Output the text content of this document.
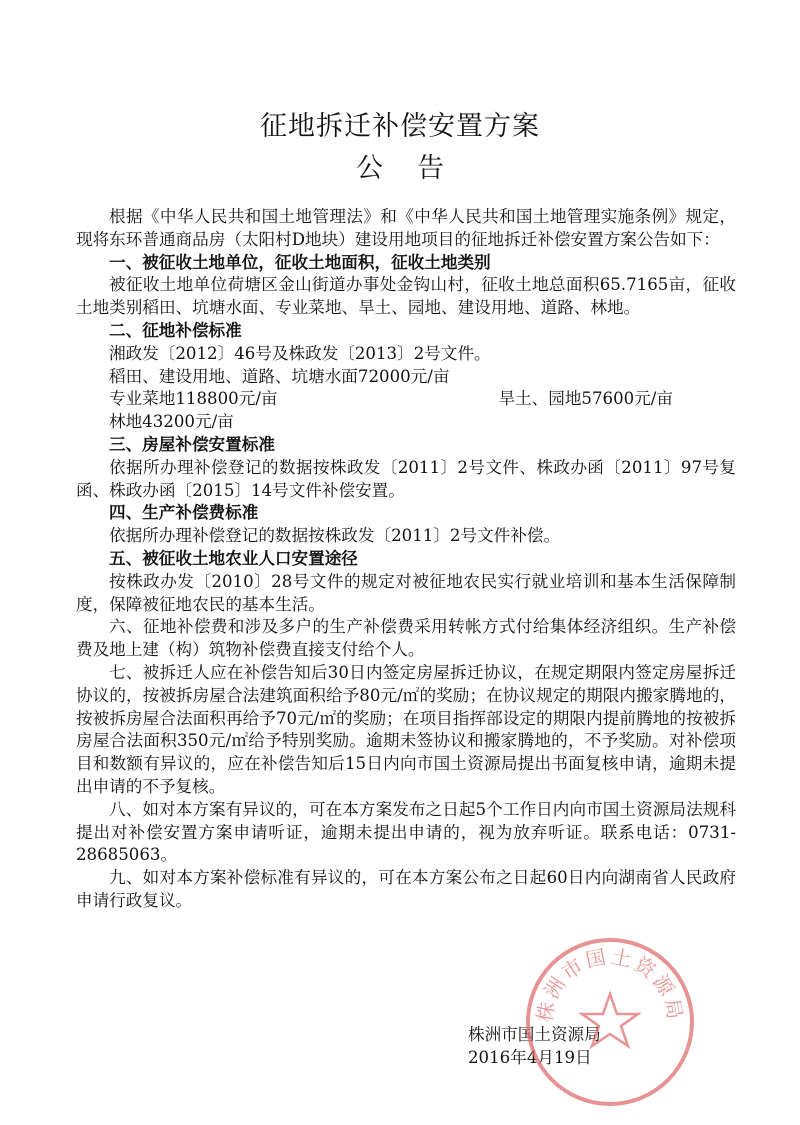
征地拆迁补偿安置方案
公告

根据《中华人民共和国土地管理法》和《中华人民共和国土地管理实施条例》规定，现将东环普通商品房（太阳村D地块）建设用地项目的征地拆迁补偿安置方案公告如下：

一、被征收土地单位，征收土地面积，征收土地类别

被征收土地单位荷塘区金山街道办事处金钩山村，征收土地总面积65.7165亩，征收土地类别稻田、坑塘水面、专业菜地、旱土、园地、建设用地、道路、林地。

二、征地补偿标准

湘政发〔2012〕46号及株政发〔2013〕2号文件。

稻田、建设用地、道路、坑塘水面72000元/亩

专业菜地118800元/亩	旱土、园地57600元/亩

林地43200元/亩

三、房屋补偿安置标准

依据所办理补偿登记的数据按株政发〔2011〕2号文件、株政办函〔2011〕97号复函、株政办函〔2015〕14号文件补偿安置。

四、生产补偿费标准

依据所办理补偿登记的数据按株政发〔2011〕2号文件补偿。

五、被征收土地农业人口安置途径

按株政办发〔2010〕28号文件的规定对被征地农民实行就业培训和基本生活保障制度，保障被征地农民的基本生活。

六、征地补偿费和涉及多户的生产补偿费采用转帐方式付给集体经济组织。生产补偿费及地上建（构）筑物补偿费直接支付给个人。

七、被拆迁人应在补偿告知后30日内签定房屋拆迁协议，在规定期限内签定房屋拆迁协议的，按被拆房屋合法建筑面积给予80元/㎡的奖励；在协议规定的期限内搬家腾地的，按被拆房屋合法面积再给予70元/㎡的奖励；在项目指挥部设定的期限内提前腾地的按被拆房屋合法面积350元/㎡给予特别奖励。逾期未签协议和搬家腾地的，不予奖励。对补偿项目和数额有异议的，应在补偿告知后15日内向市国土资源局提出书面复核申请，逾期未提出申请的不予复核。

八、如对本方案有异议的，可在本方案发布之日起5个工作日内向市国土资源局法规科提出对补偿安置方案申请听证，逾期未提出申请的，视为放弃听证。联系电话：0731-28685063。

九、如对本方案补偿标准有异议的，可在本方案公布之日起60日内向湖南省人民政府申请行政复议。

株洲市国土资源局
2016年4月19日
株洲市国土资源局
